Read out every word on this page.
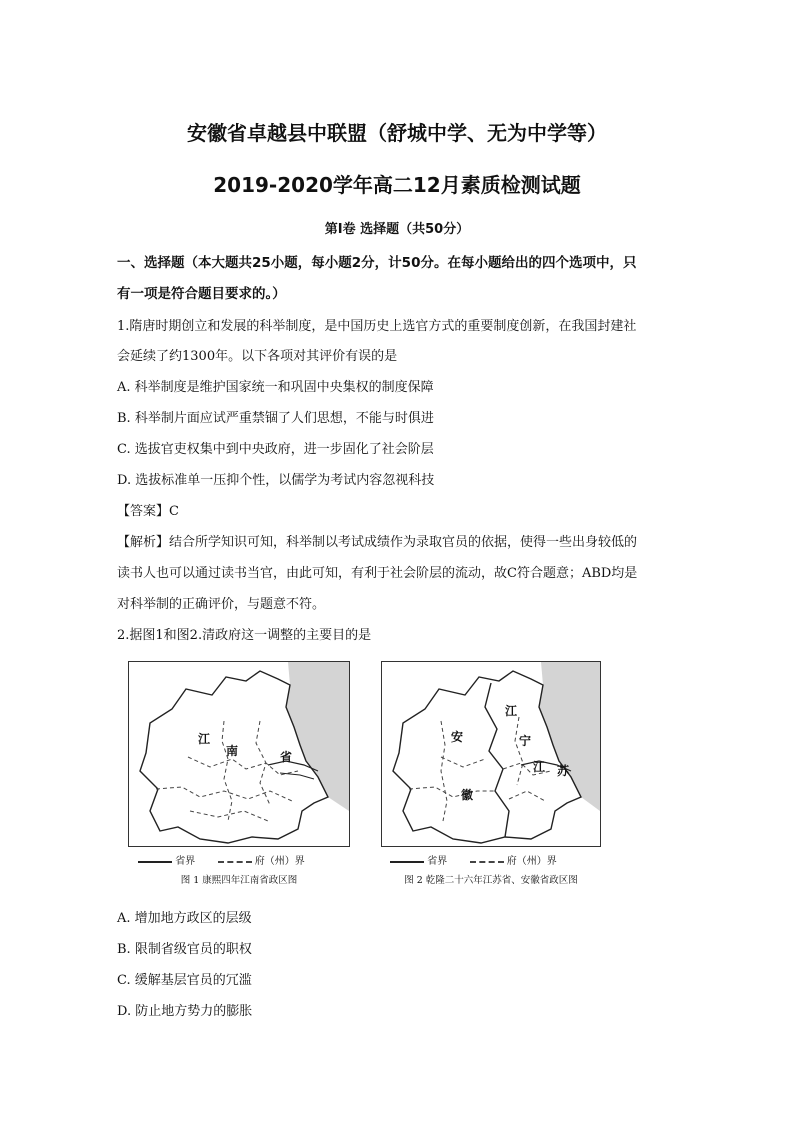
安徽省卓越县中联盟（舒城中学、无为中学等）
2019-2020学年高二12月素质检测试题
第Ⅰ卷 选择题（共50分）
一、选择题（本大题共25小题，每小题2分，计50分。在每小题给出的四个选项中，只
有一项是符合题目要求的。）
1.隋唐时期创立和发展的科举制度，是中国历史上选官方式的重要制度创新，在我国封建社
会延续了约1300年。以下各项对其评价有误的是
A. 科举制度是维护国家统一和巩固中央集权的制度保障
B. 科举制片面应试严重禁锢了人们思想，不能与时俱进
C. 选拔官吏权集中到中央政府，进一步固化了社会阶层
D. 选拔标准单一压抑个性，以儒学为考试内容忽视科技
【答案】C
【解析】结合所学知识可知，科举制以考试成绩作为录取官员的依据，使得一些出身较低的
读书人也可以通过读书当官，由此可知，有利于社会阶层的流动，故C符合题意；ABD均是
对科举制的正确评价，与题意不符。
2.据图1和图2.清政府这一调整的主要目的是
江
南	省
省界	府（州）界
图 1 康熙四年江南省政区图
江
安	宁
江 苏
徽
省界	府（州）界
图 2 乾隆二十六年江苏省、安徽省政区图
A. 增加地方政区的层级
B. 限制省级官员的职权
C. 缓解基层官员的冗滥
D. 防止地方势力的膨胀
